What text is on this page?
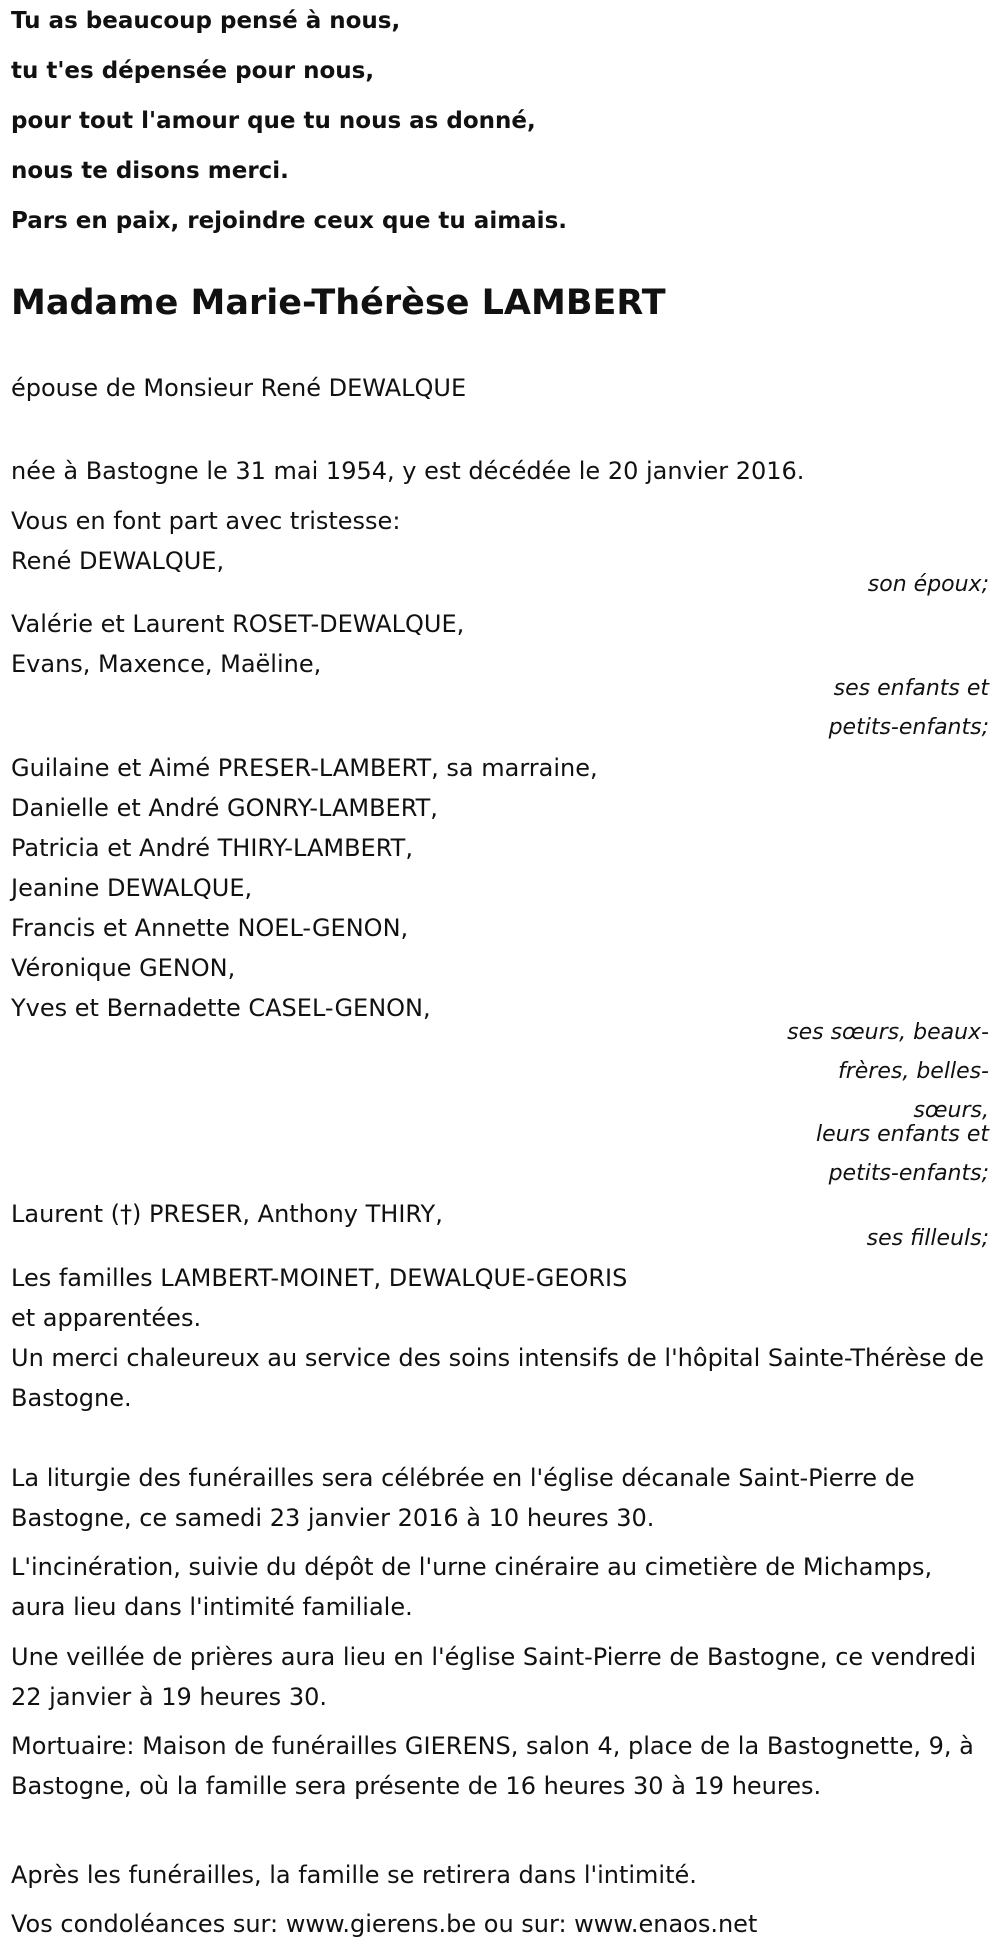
Tu as beaucoup pensé à nous,
tu t'es dépensée pour nous,
pour tout l'amour que tu nous as donné,
nous te disons merci.
Pars en paix, rejoindre ceux que tu aimais.
Madame Marie-Thérèse LAMBERT
épouse de Monsieur René DEWALQUE
née à Bastogne le 31 mai 1954, y est décédée le 20 janvier 2016.
Vous en font part avec tristesse:
René DEWALQUE,
son époux;
Valérie et Laurent ROSET-DEWALQUE,
Evans, Maxence, Maëline,
ses enfants et
petits-enfants;
Guilaine et Aimé PRESER-LAMBERT, sa marraine,
Danielle et André GONRY-LAMBERT,
Patricia et André THIRY-LAMBERT,
Jeanine DEWALQUE,
Francis et Annette NOEL-GENON,
Véronique GENON,
Yves et Bernadette CASEL-GENON,
ses sœurs, beaux-
frères, belles-
sœurs,
leurs enfants et
petits-enfants;
Laurent (†) PRESER, Anthony THIRY,
ses filleuls;
Les familles LAMBERT-MOINET, DEWALQUE-GEORIS
et apparentées.
Un merci chaleureux au service des soins intensifs de l'hôpital Sainte-Thérèse de Bastogne.
La liturgie des funérailles sera célébrée en l'église décanale Saint-Pierre de Bastogne, ce samedi 23 janvier 2016 à 10 heures 30.
L'incinération, suivie du dépôt de l'urne cinéraire au cimetière de Michamps, aura lieu dans l'intimité familiale.
Une veillée de prières aura lieu en l'église Saint-Pierre de Bastogne, ce vendredi 22 janvier à 19 heures 30.
Mortuaire: Maison de funérailles GIERENS, salon 4, place de la Bastognette, 9, à Bastogne, où la famille sera présente de 16 heures 30 à 19 heures.
Après les funérailles, la famille se retirera dans l'intimité.
Vos condoléances sur: www.gierens.be ou sur: www.enaos.net
